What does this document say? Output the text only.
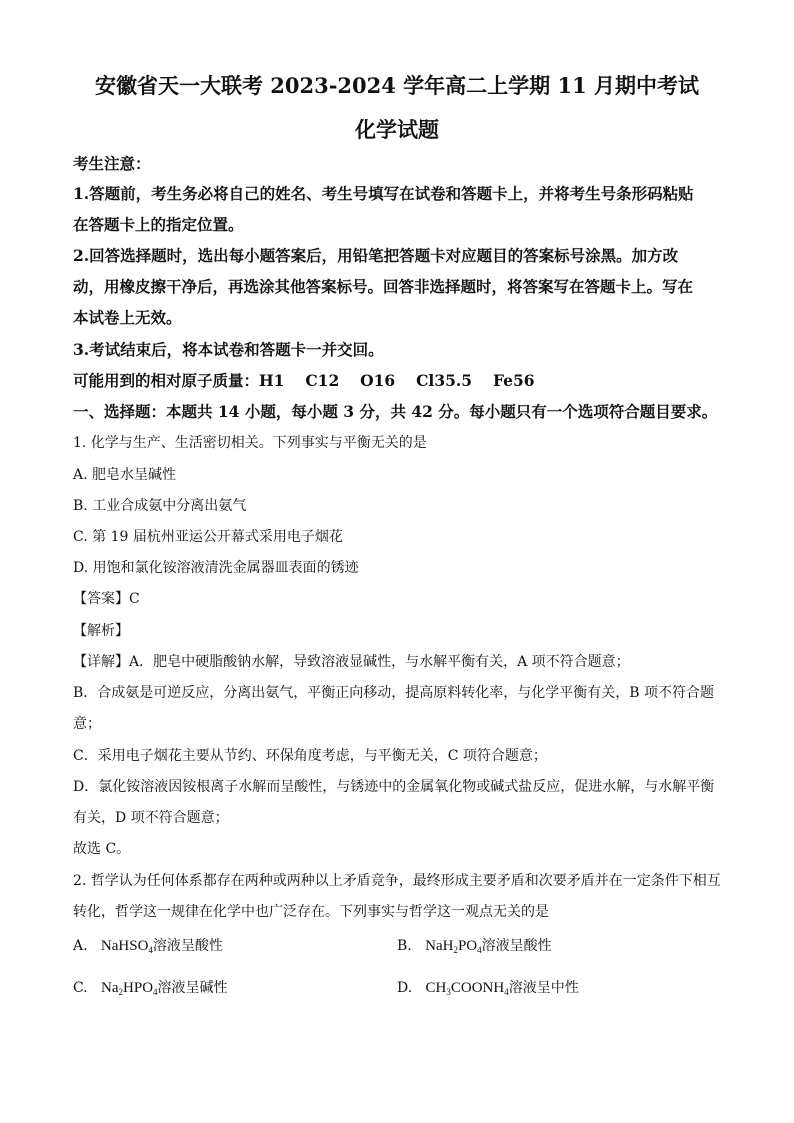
安徽省天一大联考 2023-2024 学年高二上学期 11 月期中考试
化学试题
考生注意：
1.答题前，考生务必将自己的姓名、考生号填写在试卷和答题卡上，并将考生号条形码粘贴
在答题卡上的指定位置。
2.回答选择题时，选出每小题答案后，用铅笔把答题卡对应题目的答案标号涂黑。加方改
动，用橡皮擦干净后，再选涂其他答案标号。回答非选择题时，将答案写在答题卡上。写在
本试卷上无效。
3.考试结束后，将本试卷和答题卡一并交回。
可能用到的相对原子质量：H1　 C12 　O16 　Cl35.5 　Fe56
一、选择题：本题共 14 小题，每小题 3 分，共 42 分。每小题只有一个选项符合题目要求。
1. 化学与生产、生活密切相关。下列事实与平衡无关的是
A. 肥皂水呈碱性
B. 工业合成氨中分离出氨气
C. 第 19 届杭州亚运公开幕式采用电子烟花
D. 用饱和氯化铵溶液清洗金属器皿表面的锈迹
【答案】C
【解析】
【详解】A．肥皂中硬脂酸钠水解，导致溶液显碱性，与水解平衡有关，A 项不符合题意；
B．合成氨是可逆反应，分离出氨气，平衡正向移动，提高原料转化率，与化学平衡有关，B 项不符合题
意；
C．采用电子烟花主要从节约、环保角度考虑，与平衡无关，C 项符合题意；
D．氯化铵溶液因铵根离子水解而呈酸性，与锈迹中的金属氧化物或碱式盐反应，促进水解，与水解平衡
有关，D 项不符合题意；
故选 C。
2. 哲学认为任何体系都存在两种或两种以上矛盾竞争，最终形成主要矛盾和次要矛盾并在一定条件下相互
转化，哲学这一规律在化学中也广泛存在。下列事实与哲学这一观点无关的是
A. NaHSO$_4$溶液呈酸性	B. $NaH_2PO_4$溶液呈酸性
C. $Na_2HPO_4$溶液呈碱性	D. $CH_3COONH_4$溶液呈中性
